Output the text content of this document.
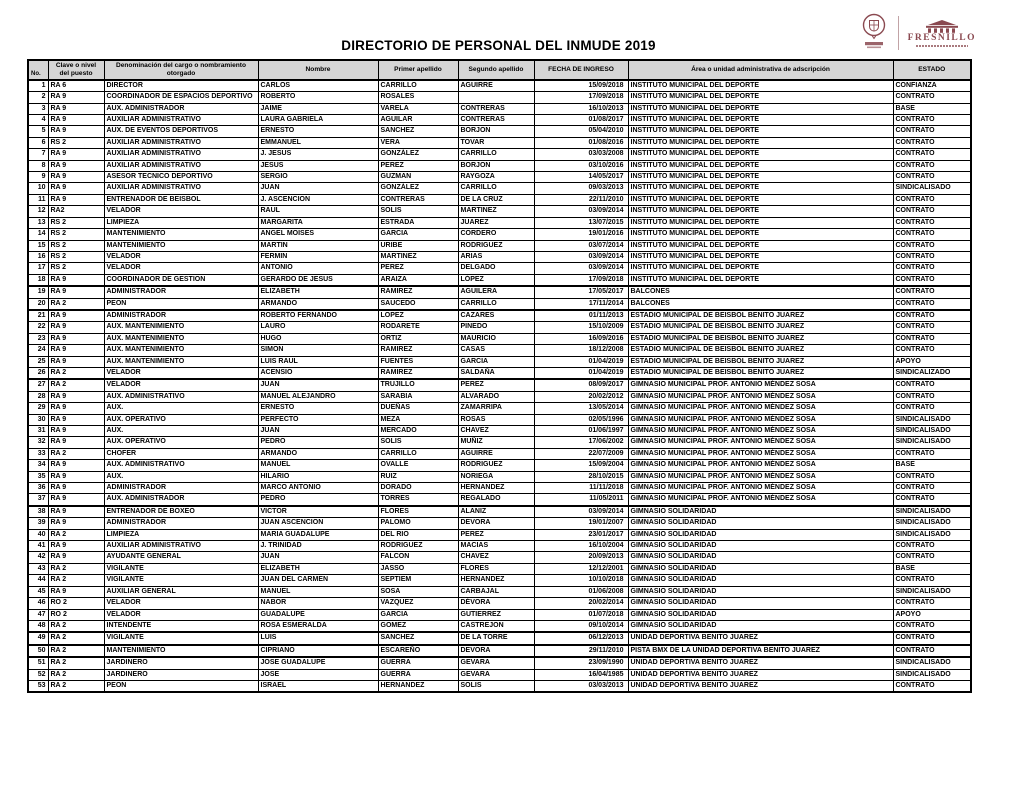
FRESNILLO
DIRECTORIO DE PERSONAL DEL INMUDE 2019
No.	Clave o nivel del puesto	Denominación del cargo o nombramiento otorgado	Nombre	Primer apellido	Segundo apellido	FECHA DE INGRESO	Área o unidad administrativa de adscripción	ESTADO
1	RA 6	DIRECTOR	CARLOS	CARRILLO	AGUIRRE	15/09/2018	INSTITUTO MUNICIPAL DEL DEPORTE	CONFIANZA
2	RA 9	COORDINADOR DE ESPACIOS DEPORTIVO	ROBERTO	ROSALES		17/09/2018	INSTITUTO MUNICIPAL DEL DEPORTE	CONTRATO
3	RA 9	AUX. ADMINISTRADOR	JAIME	VARELA	CONTRERAS	16/10/2013	INSTITUTO MUNICIPAL DEL DEPORTE	BASE
4	RA 9	AUXILIAR ADMINISTRATIVO	LAURA GABRIELA	AGUILAR	CONTRERAS	01/08/2017	INSTITUTO MUNICIPAL DEL DEPORTE	CONTRATO
5	RA 9	AUX. DE EVENTOS DEPORTIVOS	ERNESTO	SANCHEZ	BORJON	05/04/2010	INSTITUTO MUNICIPAL DEL DEPORTE	CONTRATO
6	RS 2	AUXILIAR ADMINISTRATIVO	EMMANUEL	VERA	TOVAR	01/08/2016	INSTITUTO MUNICIPAL DEL DEPORTE	CONTRATO
7	RA 9	AUXILIAR ADMINISTRATIVO	J. JESUS	GONZÁLEZ	CARRILLO	03/03/2008	INSTITUTO MUNICIPAL DEL DEPORTE	CONTRATO
8	RA 9	AUXILIAR ADMINISTRATIVO	JESUS	PEREZ	BORJON	03/10/2016	INSTITUTO MUNICIPAL DEL DEPORTE	CONTRATO
9	RA 9	ASESOR TECNICO DEPORTIVO	SERGIO	GUZMAN	RAYGOZA	14/05/2017	INSTITUTO MUNICIPAL DEL DEPORTE	CONTRATO
10	RA 9	AUXILIAR ADMINISTRATIVO	JUAN	GONZÁLEZ	CARRILLO	09/03/2013	INSTITUTO MUNICIPAL DEL DEPORTE	SINDICALISADO
11	RA 9	ENTRENADOR DE BEISBOL	J. ASCENCION	CONTRERAS	DE LA CRUZ	22/11/2010	INSTITUTO MUNICIPAL DEL DEPORTE	CONTRATO
12	RA2	VELADOR	RAUL	SOLIS	MARTINEZ	03/09/2014	INSTITUTO MUNICIPAL DEL DEPORTE	CONTRATO
13	RS 2	LIMPIEZA	MARGARITA	ESTRADA	JUAREZ	13/07/2015	INSTITUTO MUNICIPAL DEL DEPORTE	CONTRATO
14	RS 2	MANTENIMIENTO	ANGEL MOISES	GARCIA	CORDERO	19/01/2016	INSTITUTO MUNICIPAL DEL DEPORTE	CONTRATO
15	RS 2	MANTENIMIENTO	MARTIN	URIBE	RODRIGUEZ	03/07/2014	INSTITUTO MUNICIPAL DEL DEPORTE	CONTRATO
16	RS 2	VELADOR	FERMIN	MARTINEZ	ARIAS	03/09/2014	INSTITUTO MUNICIPAL DEL DEPORTE	CONTRATO
17	RS 2	VELADOR	ANTONIO	PEREZ	DELGADO	03/09/2014	INSTITUTO MUNICIPAL DEL DEPORTE	CONTRATO
18	RA 9	COORDINADOR DE GESTION	GERARDO DE JESUS	ARAIZA	LÓPEZ	17/09/2018	INSTITUTO MUNICIPAL DEL DEPORTE	CONTRATO
19	RA 9	ADMINISTRADOR	ELIZABETH	RAMIREZ	AGUILERA	17/05/2017	BALCONES	CONTRATO
20	RA 2	PEON	ARMANDO	SAUCEDO	CARRILLO	17/11/2014	BALCONES	CONTRATO
21	RA 9	ADMINISTRADOR	ROBERTO FERNANDO	LOPEZ	CAZARES	01/11/2013	ESTADIO MUNICIPAL DE BEISBOL BENITO JUAREZ	CONTRATO
22	RA 9	AUX. MANTENIMIENTO	LAURO	RODARETE	PINEDO	15/10/2009	ESTADIO MUNICIPAL DE BEISBOL BENITO JUAREZ	CONTRATO
23	RA 9	AUX. MANTENIMIENTO	HUGO	ORTIZ	MAURICIO	16/09/2016	ESTADIO MUNICIPAL DE BEISBOL BENITO JUAREZ	CONTRATO
24	RA 9	AUX. MANTENIMIENTO	SIMON	RAMIREZ	CASAS	18/12/2008	ESTADIO MUNICIPAL DE BEISBOL BENITO JUAREZ	CONTRATO
25	RA 9	AUX. MANTENIMIENTO	LUIS RAUL	FUENTES	GARCIA	01/04/2019	ESTADIO MUNICIPAL DE BEISBOL BENITO JUAREZ	APOYO
26	RA 2	VELADOR	ACENSIO	RAMIREZ	SALDAÑA	01/04/2019	ESTADIO MUNICIPAL DE BEISBOL BENITO JUAREZ	SINDICALIZADO
27	RA 2	VELADOR	JUAN	TRUJILLO	PEREZ	08/09/2017	GIMNASIO MUNICIPAL PROF. ANTONIO MÉNDEZ SOSA	CONTRATO
28	RA 9	AUX. ADMINISTRATIVO	MANUEL ALEJANDRO	SARABIA	ALVARADO	20/02/2012	GIMNASIO MUNICIPAL PROF. ANTONIO MÉNDEZ SOSA	CONTRATO
29	RA 9	AUX.	ERNESTO	DUEÑAS	ZAMARRIPA	13/05/2014	GIMNASIO MUNICIPAL PROF. ANTONIO MÉNDEZ SOSA	CONTRATO
30	RA 9	AUX. OPERATIVO	PERFECTO	MEZA	ROSAS	02/05/1996	GIMNASIO MUNICIPAL PROF. ANTONIO MÉNDEZ SOSA	SINDICALISADO
31	RA 9	AUX.	JUAN	MERCADO	CHAVEZ	01/06/1997	GIMNASIO MUNICIPAL PROF. ANTONIO MÉNDEZ SOSA	SINDICALISADO
32	RA 9	AUX. OPERATIVO	PEDRO	SOLIS	MUÑIZ	17/06/2002	GIMNASIO MUNICIPAL PROF. ANTONIO MÉNDEZ SOSA	SINDICALISADO
33	RA 2	CHOFER	ARMANDO	CARRILLO	AGUIRRE	22/07/2009	GIMNASIO MUNICIPAL PROF. ANTONIO MÉNDEZ SOSA	CONTRATO
34	RA 9	AUX. ADMINISTRATIVO	MANUEL	OVALLE	RODRIGUEZ	15/09/2004	GIMNASIO MUNICIPAL PROF. ANTONIO MÉNDEZ SOSA	BASE
35	RA 9	AUX.	HILARIO	RUIZ	NORIEGA	28/10/2015	GIMNASIO MUNICIPAL PROF. ANTONIO MÉNDEZ SOSA	CONTRATO
36	RA 9	ADMINISTRADOR	MARCO ANTONIO	DORADO	HERNANDEZ	11/11/2018	GIMNASIO MUNICIPAL PROF. ANTONIO MÉNDEZ SOSA	CONTRATO
37	RA 9	AUX. ADMINISTRADOR	PEDRO	TORRES	REGALADO	11/05/2011	GIMNASIO MUNICIPAL PROF. ANTONIO MÉNDEZ SOSA	CONTRATO
38	RA 9	ENTRENADOR DE BOXEO	VICTOR	FLORES	ALANIZ	03/09/2014	GIMNASIO SOLIDARIDAD	SINDICALISADO
39	RA 9	ADMINISTRADOR	JUAN ASCENCION	PALOMO	DEVORA	19/01/2007	GIMNASIO SOLIDARIDAD	SINDICALISADO
40	RA 2	LIMPIEZA	MARIA GUADALUPE	DEL RIO	PEREZ	23/01/2017	GIMNASIO SOLIDARIDAD	SINDICALISADO
41	RA 9	AUXILIAR ADMINISTRATIVO	J. TRINIDAD	RODRIGUEZ	MACIAS	16/10/2004	GIMNASIO SOLIDARIDAD	CONTRATO
42	RA 9	AYUDANTE GENERAL	JUAN	FALCON	CHAVEZ	20/09/2013	GIMNASIO SOLIDARIDAD	CONTRATO
43	RA 2	VIGILANTE	ELIZABETH	JASSO	FLORES	12/12/2001	GIMNASIO SOLIDARIDAD	BASE
44	RA 2	VIGILANTE	JUAN DEL CARMEN	SEPTIEM	HERNANDEZ	10/10/2018	GIMNASIO SOLIDARIDAD	CONTRATO
45	RA 9	AUXILIAR GENERAL	MANUEL	SOSA	CARBAJAL	01/06/2008	GIMNASIO SOLIDARIDAD	SINDICALISADO
46	RO 2	VELADOR	NABOR	VAZQUEZ	DÉVORA	20/02/2014	GIMNASIO SOLIDARIDAD	CONTRATO
47	RO 2	VELADOR	GUADALUPE	GARCIA	GUTIERREZ	01/07/2018	GIMNASIO SOLIDARIDAD	APOYO
48	RA 2	INTENDENTE	ROSA ESMERALDA	GOMEZ	CASTREJON	09/10/2014	GIMNASIO SOLIDARIDAD	CONTRATO
49	RA 2	VIGILANTE	LUIS	SANCHEZ	DE LA TORRE	06/12/2013	UNIDAD DEPORTIVA BENITO JUAREZ	CONTRATO
50	RA 2	MANTENIMIENTO	CIPRIANO	ESCAREÑO	DEVORA	29/11/2010	PISTA BMX DE LA UNIDAD DEPORTIVA BENITO JUAREZ	CONTRATO
51	RA 2	JARDINERO	JOSE GUADALUPE	GUERRA	GEVARA	23/09/1990	UNIDAD DEPORTIVA BENITO JUAREZ	SINDICALISADO
52	RA 2	JARDINERO	JOSE	GUERRA	GEVARA	16/04/1985	UNIDAD DEPORTIVA BENITO JUAREZ	SINDICALISADO
53	RA 2	PEON	ISRAEL	HERNANDEZ	SOLIS	03/03/2013	UNIDAD DEPORTIVA BENITO JUAREZ	CONTRATO
